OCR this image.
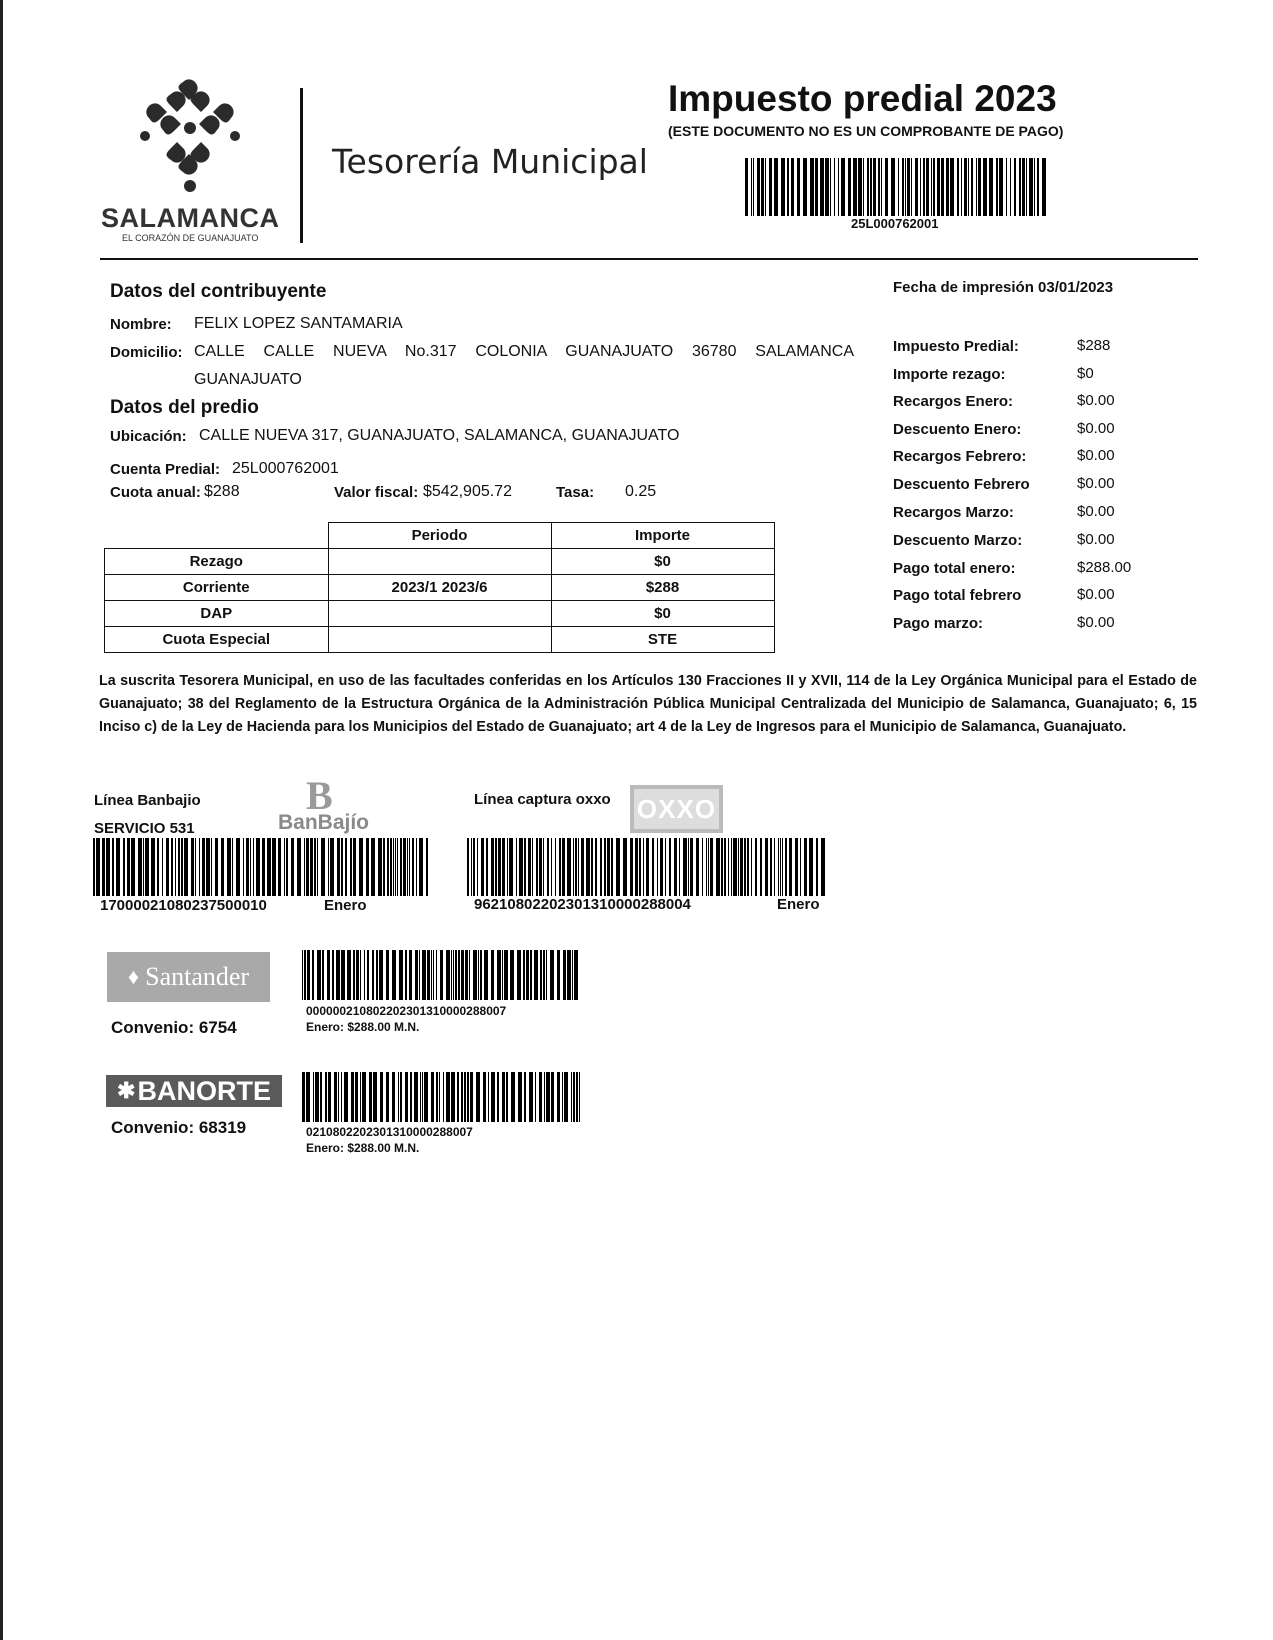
SALAMANCA
EL CORAZÓN DE GUANAJUATO
Tesorería Municipal
Impuesto predial 2023
(ESTE DOCUMENTO NO ES UN COMPROBANTE DE PAGO)
25L000762001
Datos del contribuyente
Nombre: FELIX LOPEZ SANTAMARIA
Domicilio: CALLE CALLE NUEVA No.317 COLONIA GUANAJUATO 36780 SALAMANCA
GUANAJUATO
Datos del predio
Ubicación: CALLE NUEVA 317, GUANAJUATO, SALAMANCA, GUANAJUATO
Cuenta Predial: 25L000762001
Cuota anual: $288	Valor fiscal: $542,905.72	Tasa: 0.25
	Periodo	Importe
Rezago		$0
Corriente	2023/1 2023/6	$288
DAP		$0
Cuota Especial		STE
Fecha de impresión 03/01/2023
Impuesto Predial:	$288
Importe rezago:	$0
Recargos Enero:	$0.00
Descuento Enero:	$0.00
Recargos Febrero:	$0.00
Descuento Febrero	$0.00
Recargos Marzo:	$0.00
Descuento Marzo:	$0.00
Pago total enero:	$288.00
Pago total febrero	$0.00
Pago marzo:	$0.00
La suscrita Tesorera Municipal, en uso de las facultades conferidas en los Artículos 130 Fracciones II y XVII, 114 de la Ley Orgánica Municipal para el Estado de Guanajuato; 38 del Reglamento de la Estructura Orgánica de la Administración Pública Municipal Centralizada del Municipio de Salamanca, Guanajuato; 6, 15 Inciso c) de la Ley de Hacienda para los Municipios del Estado de Guanajuato; art 4 de la Ley de Ingresos para el Municipio de Salamanca, Guanajuato.
Línea Banbajio
SERVICIO 531
B
BanBajío
17000021080237500010	Enero
Línea captura oxxo OXXO
96210802202301310000288004	Enero
♦ Santander
Convenio: 6754
0000002108022023013100002880​07
Enero: $288.00 M.N.
✱ BANORTE
Convenio: 68319	02108022023013100002880​07
Enero: $288.00 M.N.
